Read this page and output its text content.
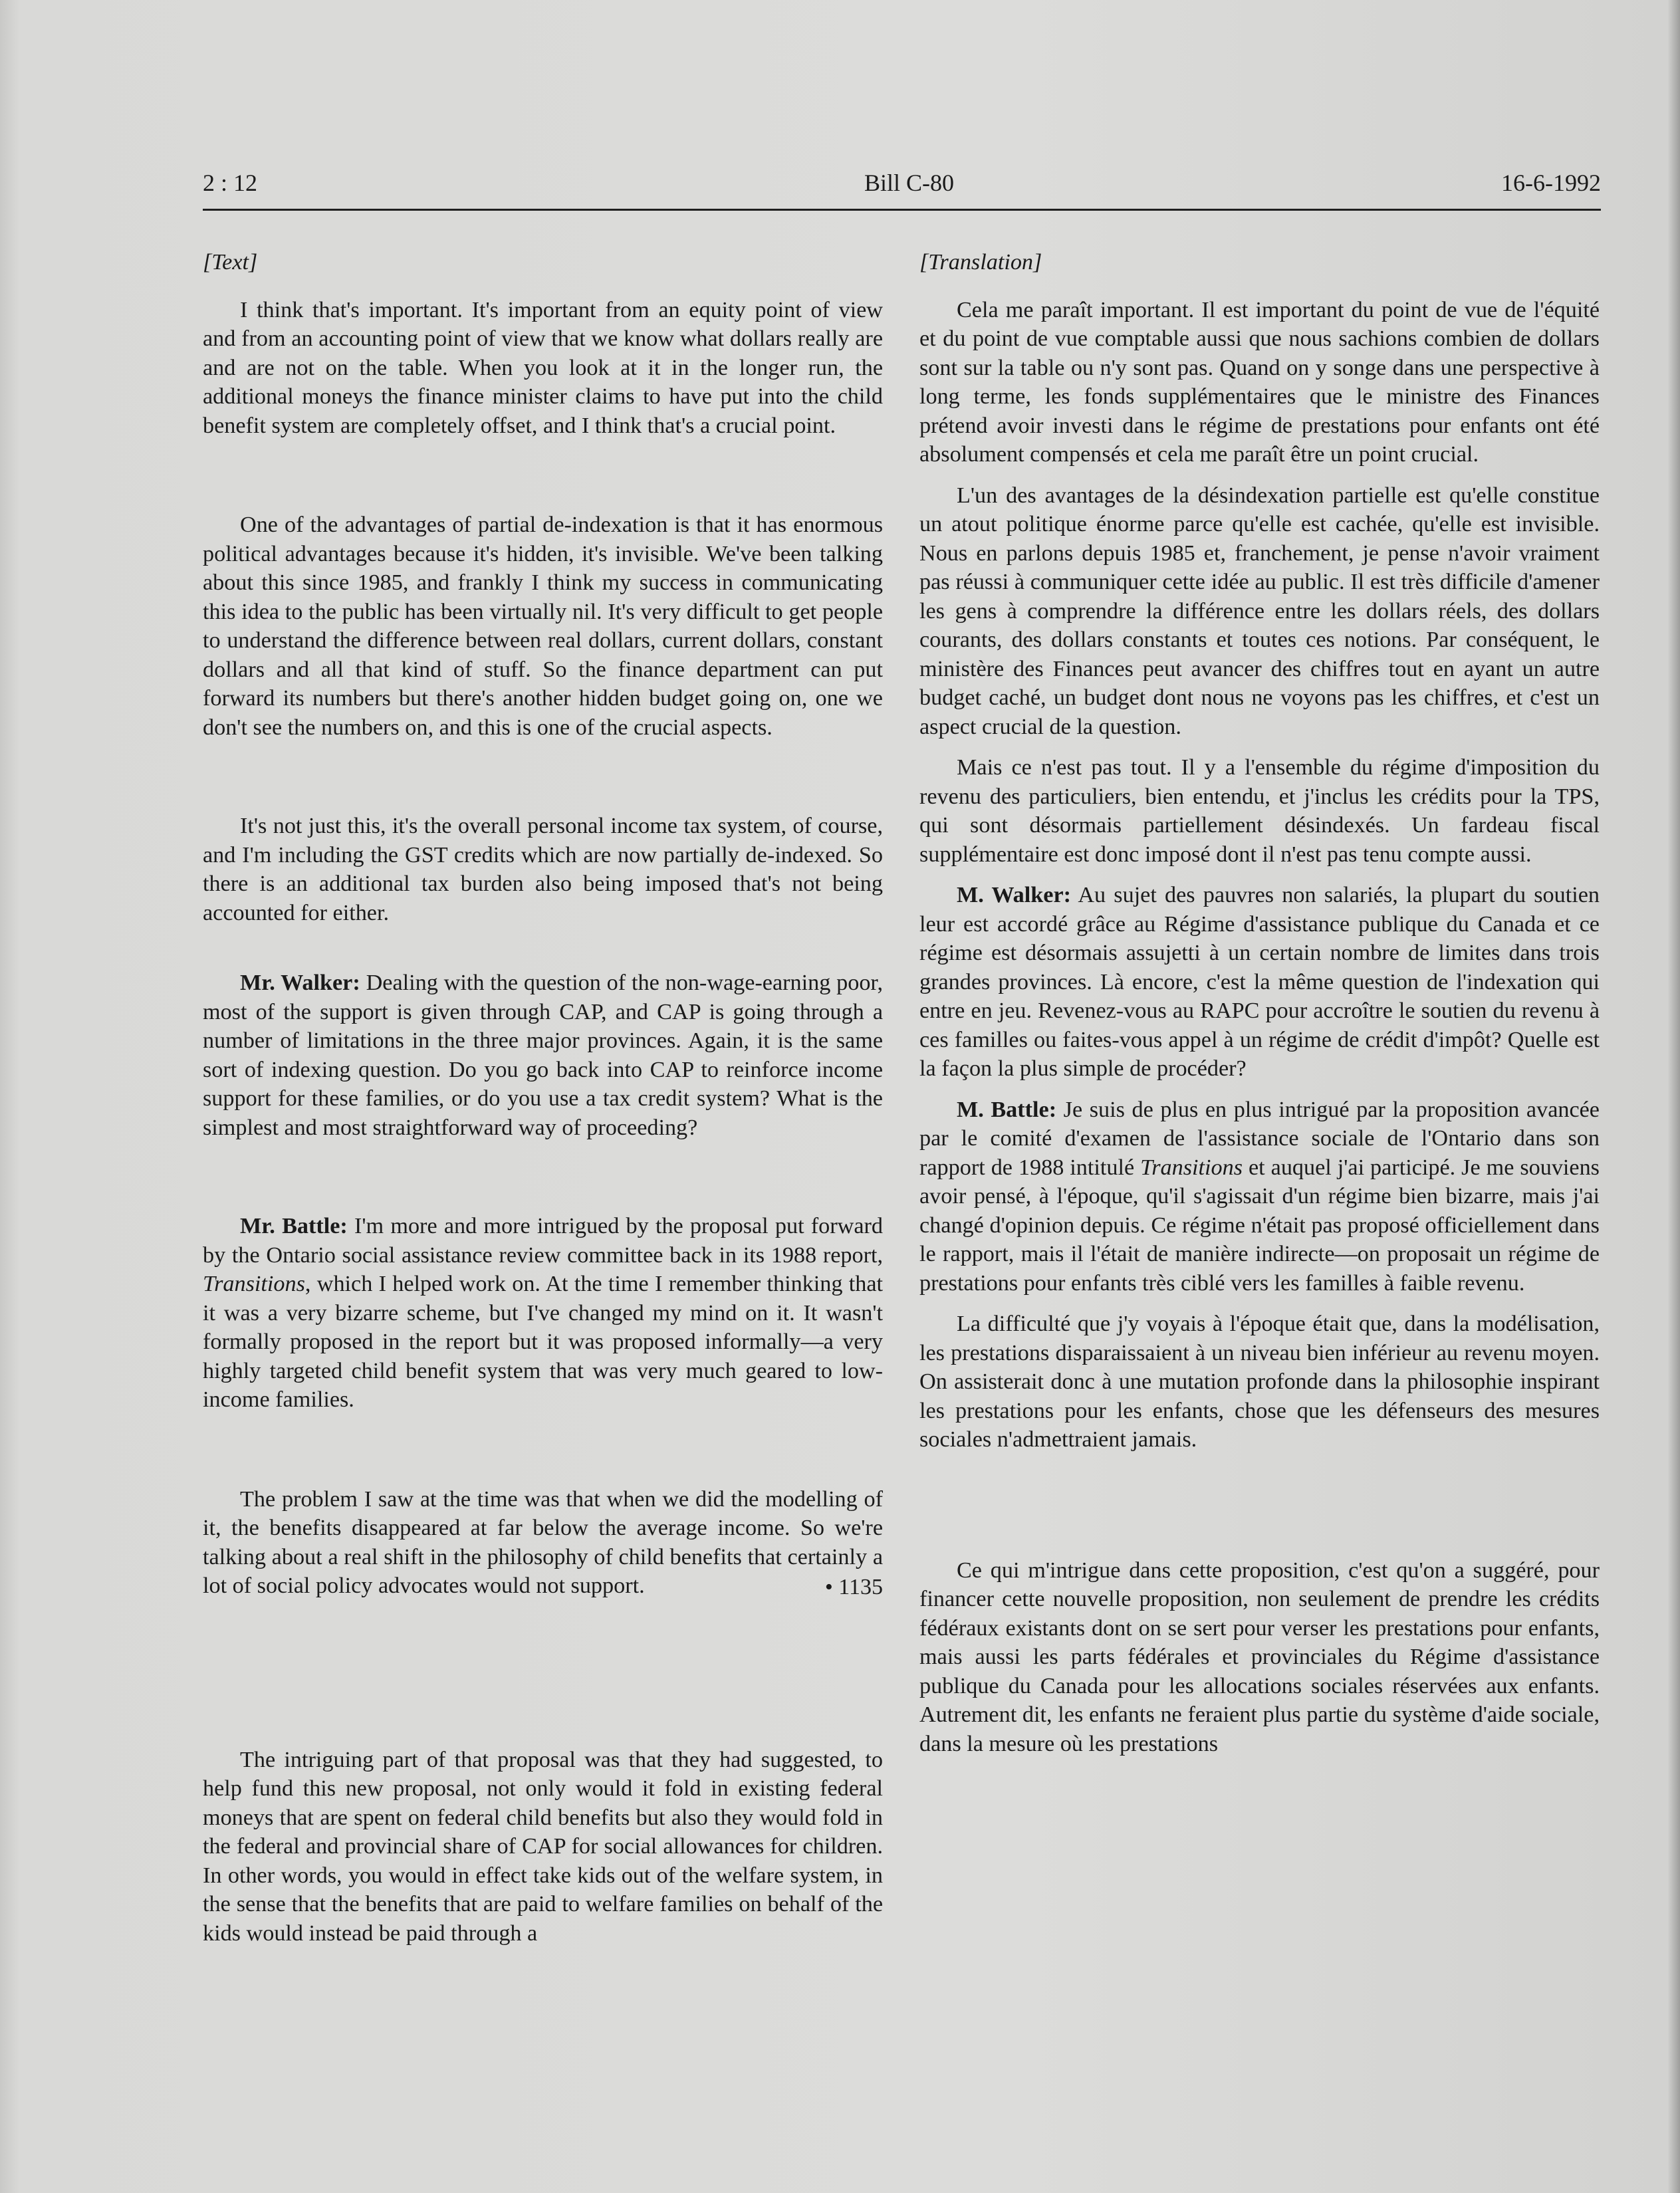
2 : 12	Bill C-80	16-6-1992

[Text]

I think that's important. It's important from an equity point of view and from an accounting point of view that we know what dollars really are and are not on the table. When you look at it in the longer run, the additional moneys the finance minister claims to have put into the child benefit system are completely offset, and I think that's a crucial point.

One of the advantages of partial de-indexation is that it has enormous political advantages because it's hidden, it's invisible. We've been talking about this since 1985, and frankly I think my success in communicating this idea to the public has been virtually nil. It's very difficult to get people to understand the difference between real dollars, current dollars, constant dollars and all that kind of stuff. So the finance department can put forward its numbers but there's another hidden budget going on, one we don't see the numbers on, and this is one of the crucial aspects.

It's not just this, it's the overall personal income tax system, of course, and I'm including the GST credits which are now partially de-indexed. So there is an additional tax burden also being imposed that's not being accounted for either.

Mr. Walker: Dealing with the question of the non-wage-earning poor, most of the support is given through CAP, and CAP is going through a number of limitations in the three major provinces. Again, it is the same sort of indexing question. Do you go back into CAP to reinforce income support for these families, or do you use a tax credit system? What is the simplest and most straightforward way of proceeding?

Mr. Battle: I'm more and more intrigued by the proposal put forward by the Ontario social assistance review committee back in its 1988 report, Transitions, which I helped work on. At the time I remember thinking that it was a very bizarre scheme, but I've changed my mind on it. It wasn't formally proposed in the report but it was proposed informally—a very highly targeted child benefit system that was very much geared to low-income families.

The problem I saw at the time was that when we did the modelling of it, the benefits disappeared at far below the average income. So we're talking about a real shift in the philosophy of child benefits that certainly a lot of social policy advocates would not support.

The intriguing part of that proposal was that they had suggested, to help fund this new proposal, not only would it fold in existing federal moneys that are spent on federal child benefits but also they would fold in the federal and provincial share of CAP for social allowances for children. In other words, you would in effect take kids out of the welfare system, in the sense that the benefits that are paid to welfare families on behalf of the kids would instead be paid through a

• 1135

[Translation]

Cela me paraît important. Il est important du point de vue de l'équité et du point de vue comptable aussi que nous sachions combien de dollars sont sur la table ou n'y sont pas. Quand on y songe dans une perspective à long terme, les fonds supplémentaires que le ministre des Finances prétend avoir investi dans le régime de prestations pour enfants ont été absolument compensés et cela me paraît être un point crucial.

L'un des avantages de la désindexation partielle est qu'elle constitue un atout politique énorme parce qu'elle est cachée, qu'elle est invisible. Nous en parlons depuis 1985 et, franchement, je pense n'avoir vraiment pas réussi à communiquer cette idée au public. Il est très difficile d'amener les gens à comprendre la différence entre les dollars réels, des dollars courants, des dollars constants et toutes ces notions. Par conséquent, le ministère des Finances peut avancer des chiffres tout en ayant un autre budget caché, un budget dont nous ne voyons pas les chiffres, et c'est un aspect crucial de la question.

Mais ce n'est pas tout. Il y a l'ensemble du régime d'imposition du revenu des particuliers, bien entendu, et j'inclus les crédits pour la TPS, qui sont désormais partiellement désindexés. Un fardeau fiscal supplémentaire est donc imposé dont il n'est pas tenu compte aussi.

M. Walker: Au sujet des pauvres non salariés, la plupart du soutien leur est accordé grâce au Régime d'assistance publique du Canada et ce régime est désormais assujetti à un certain nombre de limites dans trois grandes provinces. Là encore, c'est la même question de l'indexation qui entre en jeu. Revenez-vous au RAPC pour accroître le soutien du revenu à ces familles ou faites-vous appel à un régime de crédit d'impôt? Quelle est la façon la plus simple de procéder?

M. Battle: Je suis de plus en plus intrigué par la proposition avancée par le comité d'examen de l'assistance sociale de l'Ontario dans son rapport de 1988 intitulé Transitions et auquel j'ai participé. Je me souviens avoir pensé, à l'époque, qu'il s'agissait d'un régime bien bizarre, mais j'ai changé d'opinion depuis. Ce régime n'était pas proposé officiellement dans le rapport, mais il l'était de manière indirecte—on proposait un régime de prestations pour enfants très ciblé vers les familles à faible revenu.

La difficulté que j'y voyais à l'époque était que, dans la modélisation, les prestations disparaissaient à un niveau bien inférieur au revenu moyen. On assisterait donc à une mutation profonde dans la philosophie inspirant les prestations pour les enfants, chose que les défenseurs des mesures sociales n'admettraient jamais.

Ce qui m'intrigue dans cette proposition, c'est qu'on a suggéré, pour financer cette nouvelle proposition, non seulement de prendre les crédits fédéraux existants dont on se sert pour verser les prestations pour enfants, mais aussi les parts fédérales et provinciales du Régime d'assistance publique du Canada pour les allocations sociales réservées aux enfants. Autrement dit, les enfants ne feraient plus partie du système d'aide sociale, dans la mesure où les prestations
